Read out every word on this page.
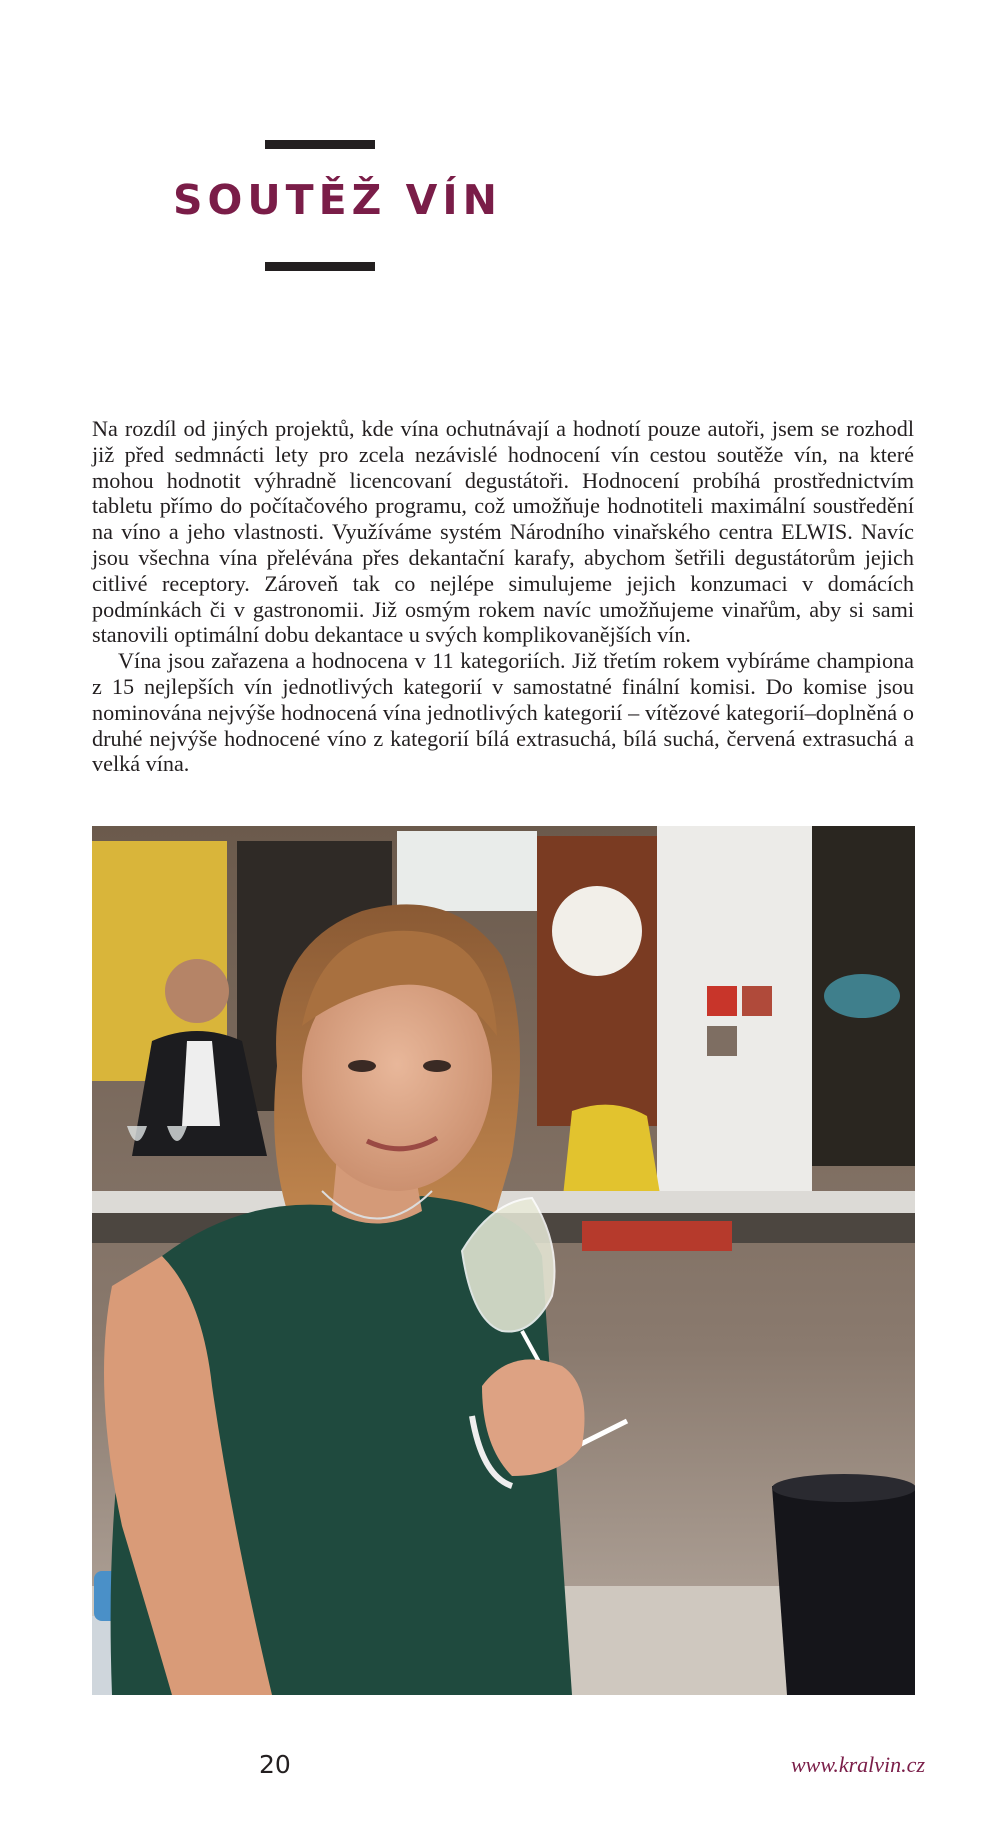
SOUTĚŽ VÍN

Na rozdíl od jiných projektů, kde vína ochutnávají a hodnotí pouze autoři, jsem se rozhodl již před sedmnácti lety pro zcela nezávislé hodnocení vín cestou soutěže vín, na které mohou hodnotit výhradně licencovaní degustátoři. Hodnocení probíhá prostřednictvím tabletu přímo do počítačového programu, což umožňuje hodnotiteli maximální soustředění na víno a jeho vlastnosti. Využíváme systém Národního vinařského centra ELWIS. Navíc jsou všechna vína přelévána přes dekantační karafy, abychom šetřili degustátorům jejich citlivé receptory. Zároveň tak co nejlépe simulujeme jejich konzumaci v domácích podmínkách či v gastronomii. Již osmým rokem navíc umožňujeme vinařům, aby si sami stanovili optimální dobu dekantace u svých komplikovanějších vín.

Vína jsou zařazena a hodnocena v 11 kategoriích. Již třetím rokem vybíráme championa z 15 nejlepších vín jednotlivých kategorií v samostatné finální komisi. Do komise jsou nominována nejvýše hodnocená vína jednotlivých kategorií – vítězové kategorií–doplněná o druhé nejvýše hodnocené víno z kategorií bílá extrasuchá, bílá suchá, červená extrasuchá a velká vína.

20	www.kralvin.cz
